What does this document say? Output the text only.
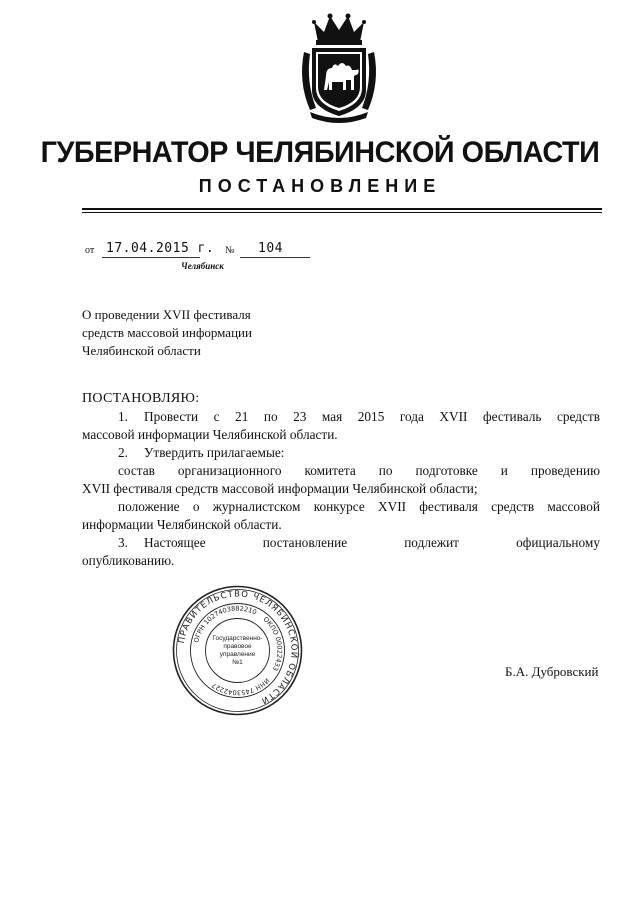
ГУБЕРНАТОР ЧЕЛЯБИНСКОЙ ОБЛАСТИ
ПОСТАНОВЛЕНИЕ
от 17.04.2015 г. № 104
Челябинск
О проведении XVII фестиваля
средств массовой информации
Челябинской области
ПОСТАНОВЛЯЮ:
1. Провести с 21 по 23 мая 2015 года XVII фестиваль средств
массовой информации Челябинской области.
2. Утвердить прилагаемые:
состав организационного комитета по подготовке и проведению
XVII фестиваля средств массовой информации Челябинской области;
положение о журналистском конкурсе XVII фестиваля средств массовой
информации Челябинской области.
3. Настоящее постановление подлежит официальному
опубликованию.
ПРАВИТЕЛЬСТВО ЧЕЛЯБИНСКОЙ ОБЛАСТИ
ОГРН 1027403882210
ОКПО 00022433
ИНН 7453042227
Государственно-
правовое
управление
№1
Б.А. Дубровский
